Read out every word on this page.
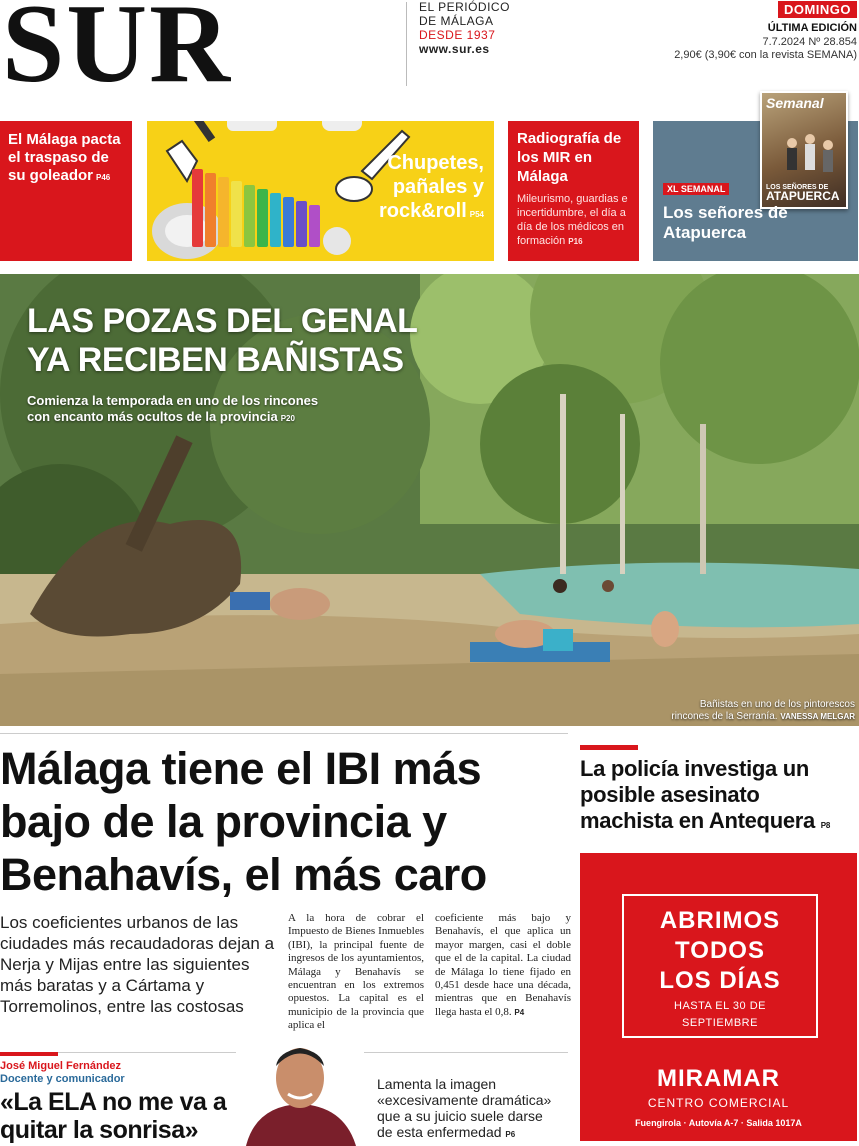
SUR	EL PERIÓDICO
DE MÁLAGA
DESDE 1937
www.sur.es
DOMINGO
ÚLTIMA EDICIÓN
7.7.2024 Nº 28.854
2,90€ (3,90€ con la revista SEMANA)
El Málaga pacta el traspaso de su goleador P46
Chupetes, pañales y rock&roll P54
Radiografía de los MIR en Málaga
Mileurismo, guardias e incertidumbre, el día a día de los médicos en formación P16
Semanal
LOS SEÑORES DE
ATAPUERCA
XL SEMANAL
Los señores de Atapuerca
LAS POZAS DEL GENAL
YA RECIBEN BAÑISTAS
Comienza la temporada en uno de los rincones
con encanto más ocultos de la provincia P20
Bañistas en uno de los pintorescos
rincones de la Serranía. VANESSA MELGAR
Málaga tiene el IBI más bajo de la provincia y Benahavís, el más caro
Los coeficientes urbanos de las ciudades más recaudadoras dejan a Nerja y Mijas entre las siguientes más baratas y a Cártama y Torremolinos, entre las costosas
A la hora de cobrar el Impuesto de Bienes Inmuebles (IBI), la principal fuente de ingresos de los ayuntamientos, Málaga y Benahavís se encuentran en los extremos opuestos. La capital es el municipio de la provincia que aplica el
coeficiente más bajo y Benahavís, el que aplica un mayor margen, casi el doble que el de la capital. La ciudad de Málaga lo tiene fijado en 0,451 desde hace una década, mientras que en Benahavís llega hasta el 0,8. P4
José Miguel Fernández
Docente y comunicador
«La ELA no me va a quitar la sonrisa»
Lamenta la imagen «excesivamente dramática» que a su juicio suele darse de esta enfermedad P6
La policía investiga un posible asesinato machista en Antequera P8
ABRIMOS
TODOS
LOS DÍAS
HASTA EL 30 DE
SEPTIEMBRE
MIRAMAR
CENTRO COMERCIAL
Fuengirola · Autovía A-7 · Salida 1017A
